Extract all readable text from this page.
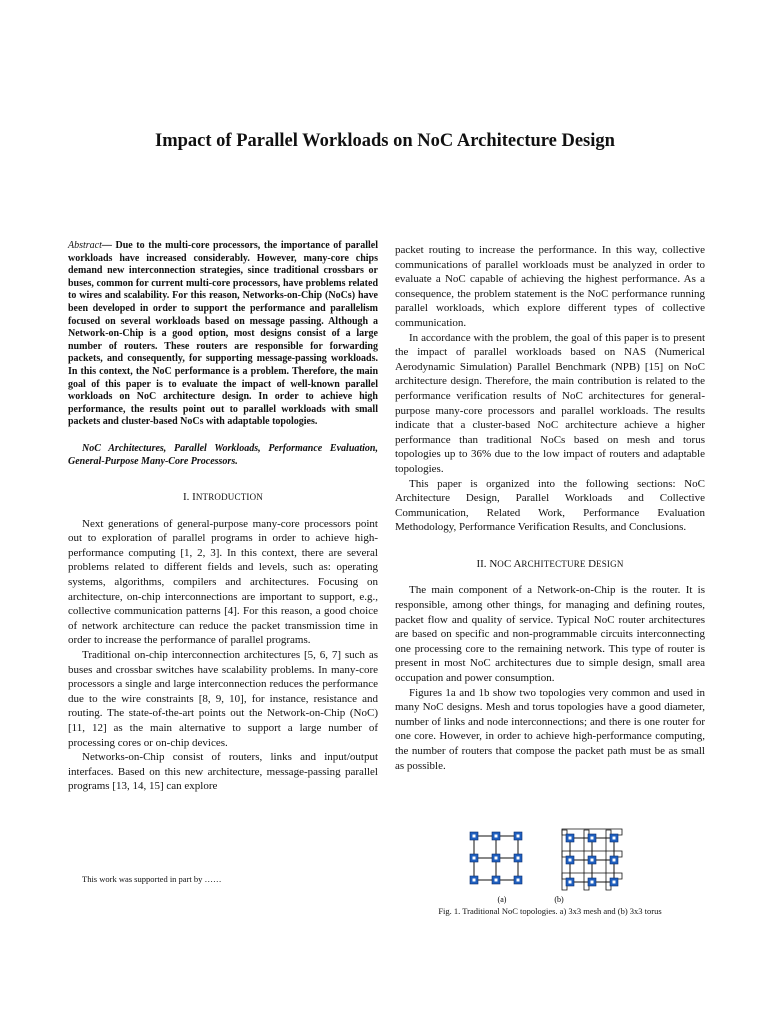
Impact of Parallel Workloads on NoC Architecture Design

Abstract— Due to the multi-core processors, the importance of parallel workloads have increased considerably. However, many-core chips demand new interconnection strategies, since traditional crossbars or buses, common for current multi-core processors, have problems related to wires and scalability. For this reason, Networks-on-Chip (NoCs) have been developed in order to support the performance and parallelism focused on several workloads based on message passing. Although a Network-on-Chip is a good option, most designs consist of a large number of routers. These routers are responsible for forwarding packets, and consequently, for supporting message-passing workloads. In this context, the NoC performance is a problem. Therefore, the main goal of this paper is to evaluate the impact of well-known parallel workloads on NoC architecture design. In order to achieve high performance, the results point out to parallel workloads with small packets and cluster-based NoCs with adaptable topologies.

NoC Architectures, Parallel Workloads, Performance Evaluation, General-Purpose Many-Core Processors.

I. INTRODUCTION

Next generations of general-purpose many-core processors point out to exploration of parallel programs in order to achieve high-performance computing [1, 2, 3]. In this context, there are several problems related to different fields and levels, such as: operating systems, algorithms, compilers and architectures. Focusing on architecture, on-chip interconnections are important to support, e.g., collective communication patterns [4]. For this reason, a good choice of network architecture can reduce the packet transmission time in order to increase the performance of parallel programs.

Traditional on-chip interconnection architectures [5, 6, 7] such as buses and crossbar switches have scalability problems. In many-core processors a single and large interconnection reduces the performance due to the wire constraints [8, 9, 10], for instance, resistance and routing. The state-of-the-art points out the Network-on-Chip (NoC) [11, 12] as the main alternative to support a large number of processing cores or on-chip devices.

Networks-on-Chip consist of routers, links and input/output interfaces. Based on this new architecture, message-passing parallel programs [13, 14, 15] can explore

packet routing to increase the performance. In this way, collective communications of parallel workloads must be analyzed in order to evaluate a NoC capable of achieving the highest performance. As a consequence, the problem statement is the NoC performance running parallel workloads, which explore different types of collective communication.

In accordance with the problem, the goal of this paper is to present the impact of parallel workloads based on NAS (Numerical Aerodynamic Simulation) Parallel Benchmark (NPB) [15] on NoC architecture design. Therefore, the main contribution is related to the performance verification results of NoC architectures for general-purpose many-core processors and parallel workloads. The results indicate that a cluster-based NoC architecture achieve a higher performance than traditional NoCs based on mesh and torus topologies up to 36% due to the low impact of routers and adaptable topologies.

This paper is organized into the following sections: NoC Architecture Design, Parallel Workloads and Collective Communication, Related Work, Performance Evaluation Methodology, Performance Verification Results, and Conclusions.

II. NOC ARCHITECTURE DESIGN

The main component of a Network-on-Chip is the router. It is responsible, among other things, for managing and defining routes, packet flow and quality of service. Typical NoC router architectures are based on specific and non-programmable circuits interconnecting one processing core to the remaining network. This type of router is present in most NoC architectures due to simple design, small area occupation and power consumption.

Figures 1a and 1b show two topologies very common and used in many NoC designs. Mesh and torus topologies have a good diameter, number of links and node interconnections; and there is one router for one core. However, in order to achieve high-performance computing, the number of routers that compose the packet path must be as small as possible.

This work was supported in part by ……
(a)	(b)
Fig. 1. Traditional NoC topologies. a) 3x3 mesh and (b) 3x3 torus
